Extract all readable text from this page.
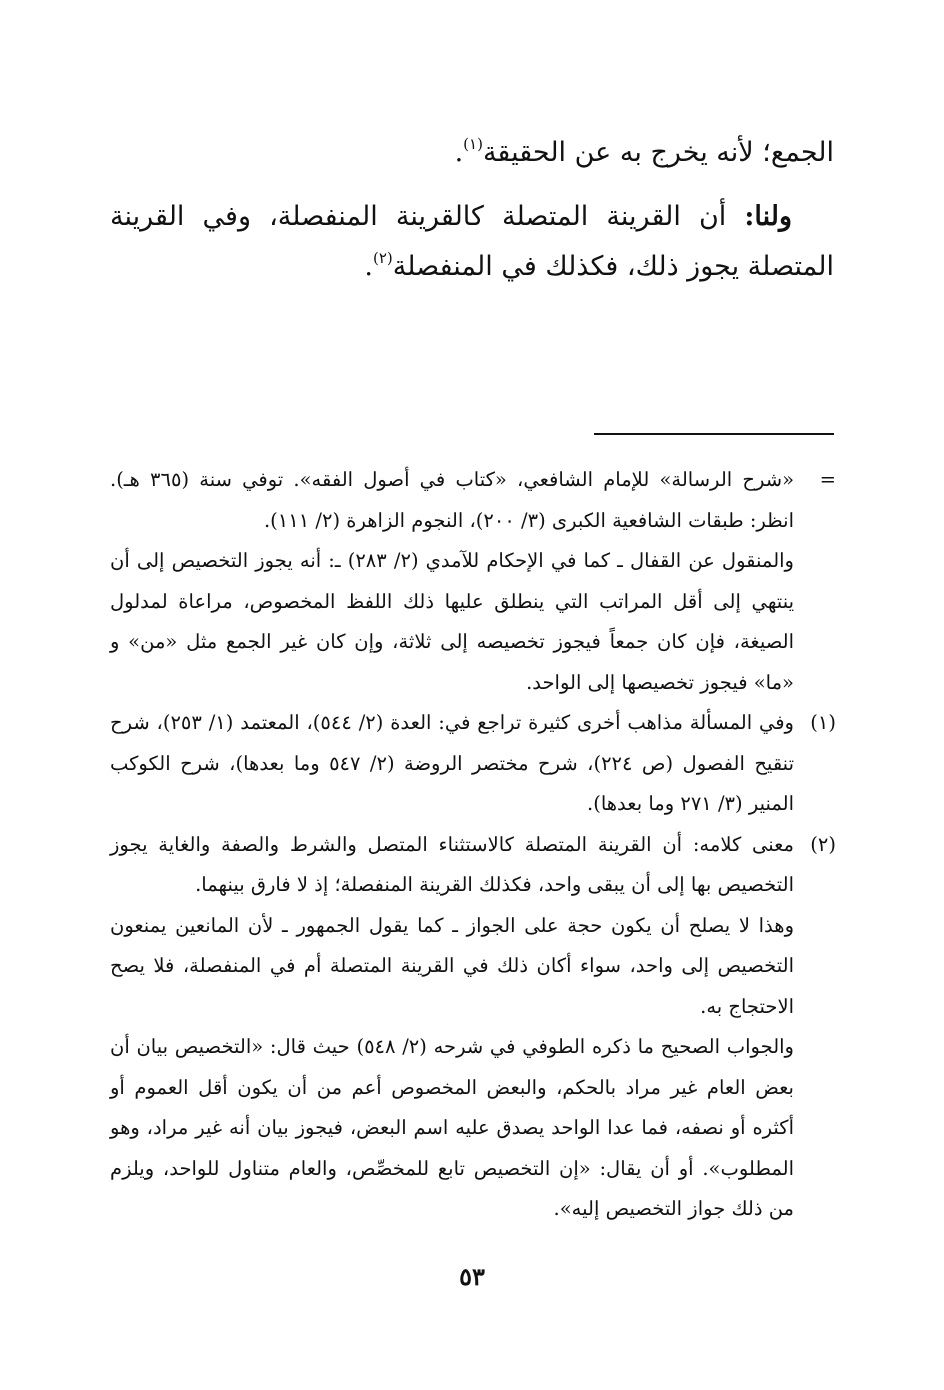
الجمع؛ لأنه يخرج به عن الحقيقة$^{(١)}$.

ولنا: أن القرينة المتصلة كالقرينة المنفصلة، وفي القرينة المتصلة يجوز ذلك، فكذلك في المنفصلة$^{(٢)}$.

=

«شرح الرسالة» للإمام الشافعي، «كتاب في أصول الفقه». توفي سنة (٣٦٥ هـ). انظر: طبقات الشافعية الكبرى (٣/ ٢٠٠)، النجوم الزاهرة (٢/ ١١١).

والمنقول عن القفال ـ كما في الإحكام للآمدي (٢/ ٢٨٣) ـ: أنه يجوز التخصيص إلى أن ينتهي إلى أقل المراتب التي ينطلق عليها ذلك اللفظ المخصوص، مراعاة لمدلول الصيغة، فإن كان جمعاً فيجوز تخصيصه إلى ثلاثة، وإن كان غير الجمع مثل «من» و «ما» فيجوز تخصيصها إلى الواحد.

(١)

وفي المسألة مذاهب أخرى كثيرة تراجع في: العدة (٢/ ٥٤٤)، المعتمد (١/ ٢٥٣)، شرح تنقيح الفصول (ص ٢٢٤)، شرح مختصر الروضة (٢/ ٥٤٧ وما بعدها)، شرح الكوكب المنير (٣/ ٢٧١ وما بعدها).

(٢)

معنى كلامه: أن القرينة المتصلة كالاستثناء المتصل والشرط والصفة والغاية يجوز التخصيص بها إلى أن يبقى واحد، فكذلك القرينة المنفصلة؛ إذ لا فارق بينهما.

وهذا لا يصلح أن يكون حجة على الجواز ـ كما يقول الجمهور ـ لأن المانعين يمنعون التخصيص إلى واحد، سواء أكان ذلك في القرينة المتصلة أم في المنفصلة، فلا يصح الاحتجاج به.

والجواب الصحيح ما ذكره الطوفي في شرحه (٢/ ٥٤٨) حيث قال: «التخصيص بيان أن بعض العام غير مراد بالحكم، والبعض المخصوص أعم من أن يكون أقل العموم أو أكثره أو نصفه، فما عدا الواحد يصدق عليه اسم البعض، فيجوز بيان أنه غير مراد، وهو المطلوب». أو أن يقال: «إن التخصيص تابع للمخصِّص، والعام متناول للواحد، ويلزم من ذلك جواز التخصيص إليه».

٥٣
